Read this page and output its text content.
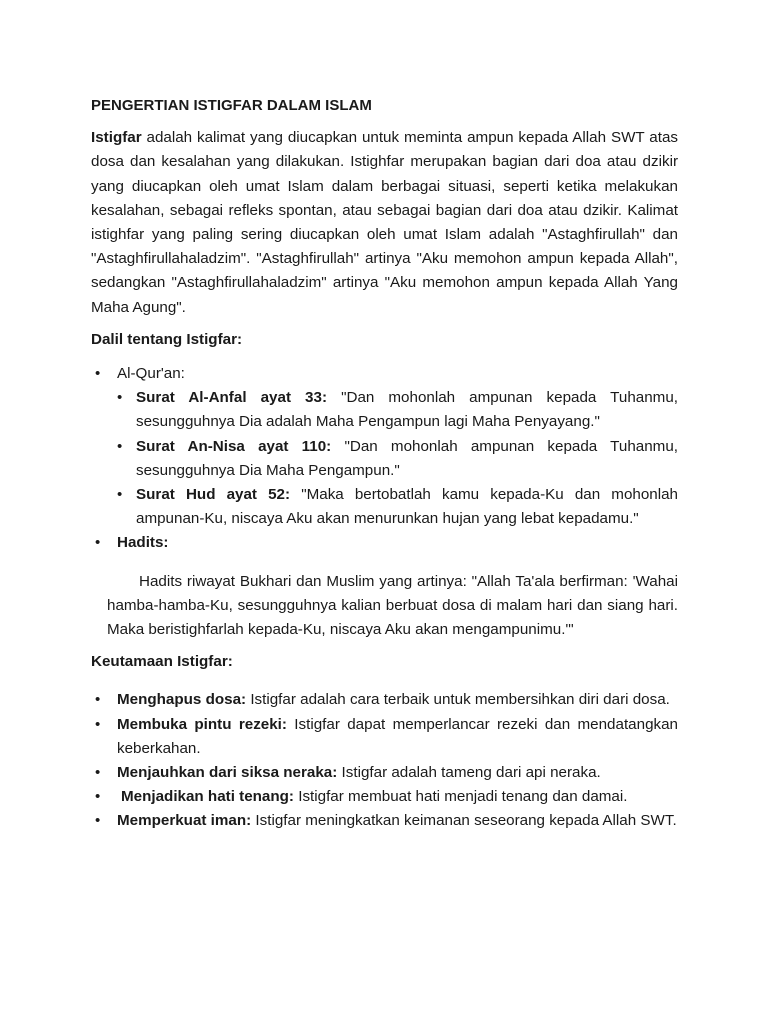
PENGERTIAN ISTIGFAR DALAM ISLAM

Istigfar adalah kalimat yang diucapkan untuk meminta ampun kepada Allah SWT atas dosa dan kesalahan yang dilakukan. Istighfar merupakan bagian dari doa atau dzikir yang diucapkan oleh umat Islam dalam berbagai situasi, seperti ketika melakukan kesalahan, sebagai refleks spontan, atau sebagai bagian dari doa atau dzikir. Kalimat istighfar yang paling sering diucapkan oleh umat Islam adalah "Astaghfirullah" dan "Astaghfirullahaladzim". "Astaghfirullah" artinya "Aku memohon ampun kepada Allah", sedangkan "Astaghfirullahaladzim" artinya "Aku memohon ampun kepada Allah Yang Maha Agung".

Dalil tentang Istigfar:
• Al-Qur'an:
• Surat Al-Anfal ayat 33: "Dan mohonlah ampunan kepada Tuhanmu, sesungguhnya Dia adalah Maha Pengampun lagi Maha Penyayang."
• Surat An-Nisa ayat 110: "Dan mohonlah ampunan kepada Tuhanmu, sesungguhnya Dia Maha Pengampun."
• Surat Hud ayat 52: "Maka bertobatlah kamu kepada-Ku dan mohonlah ampunan-Ku, niscaya Aku akan menurunkan hujan yang lebat kepadamu."
• Hadits:

Hadits riwayat Bukhari dan Muslim yang artinya: "Allah Ta'ala berfirman: 'Wahai hamba-hamba-Ku, sesungguhnya kalian berbuat dosa di malam hari dan siang hari. Maka beristighfarlah kepada-Ku, niscaya Aku akan mengampunimu.'"

Keutamaan Istigfar:
• Menghapus dosa: Istigfar adalah cara terbaik untuk membersihkan diri dari dosa.
• Membuka pintu rezeki: Istigfar dapat memperlancar rezeki dan mendatangkan keberkahan.
• Menjauhkan dari siksa neraka: Istigfar adalah tameng dari api neraka.
• Menjadikan hati tenang: Istigfar membuat hati menjadi tenang dan damai.
• Memperkuat iman: Istigfar meningkatkan keimanan seseorang kepada Allah SWT.
